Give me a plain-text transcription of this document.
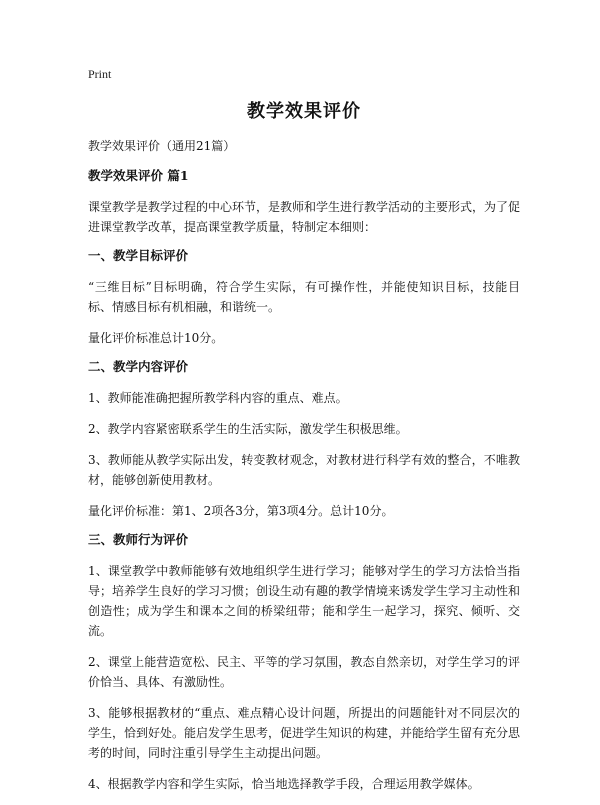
Print
教学效果评价
教学效果评价（通用21篇）
教学效果评价 篇1
课堂教学是教学过程的中心环节，是教师和学生进行教学活动的主要形式，为了促进课堂教学改革，提高课堂教学质量，特制定本细则：
一、教学目标评价
“三维目标”目标明确，符合学生实际，有可操作性，并能使知识目标，技能目标、情感目标有机相融，和谐统一。
量化评价标准总计10分。
二、教学内容评价
1、教师能准确把握所教学科内容的重点、难点。
2、教学内容紧密联系学生的生活实际，激发学生积极思维。
3、教师能从教学实际出发，转变教材观念，对教材进行科学有效的整合，不唯教材，能够创新使用教材。
量化评价标准：第1、2项各3分，第3项4分。总计10分。
三、教师行为评价
1、课堂教学中教师能够有效地组织学生进行学习；能够对学生的学习方法恰当指导；培养学生良好的学习习惯；创设生动有趣的教学情境来诱发学生学习主动性和创造性；成为学生和课本之间的桥梁纽带；能和学生一起学习，探究、倾听、交流。
2、课堂上能营造宽松、民主、平等的学习氛围，教态自然亲切，对学生学习的评价恰当、具体、有激励性。
3、能够根据教材的“重点、难点精心设计问题，所提出的问题能针对不同层次的学生，恰到好处。能启发学生思考，促进学生知识的构建，并能给学生留有充分思考的时间，同时注重引导学生主动提出问题。
4、根据教学内容和学生实际，恰当地选择教学手段，合理运用教学媒体。
